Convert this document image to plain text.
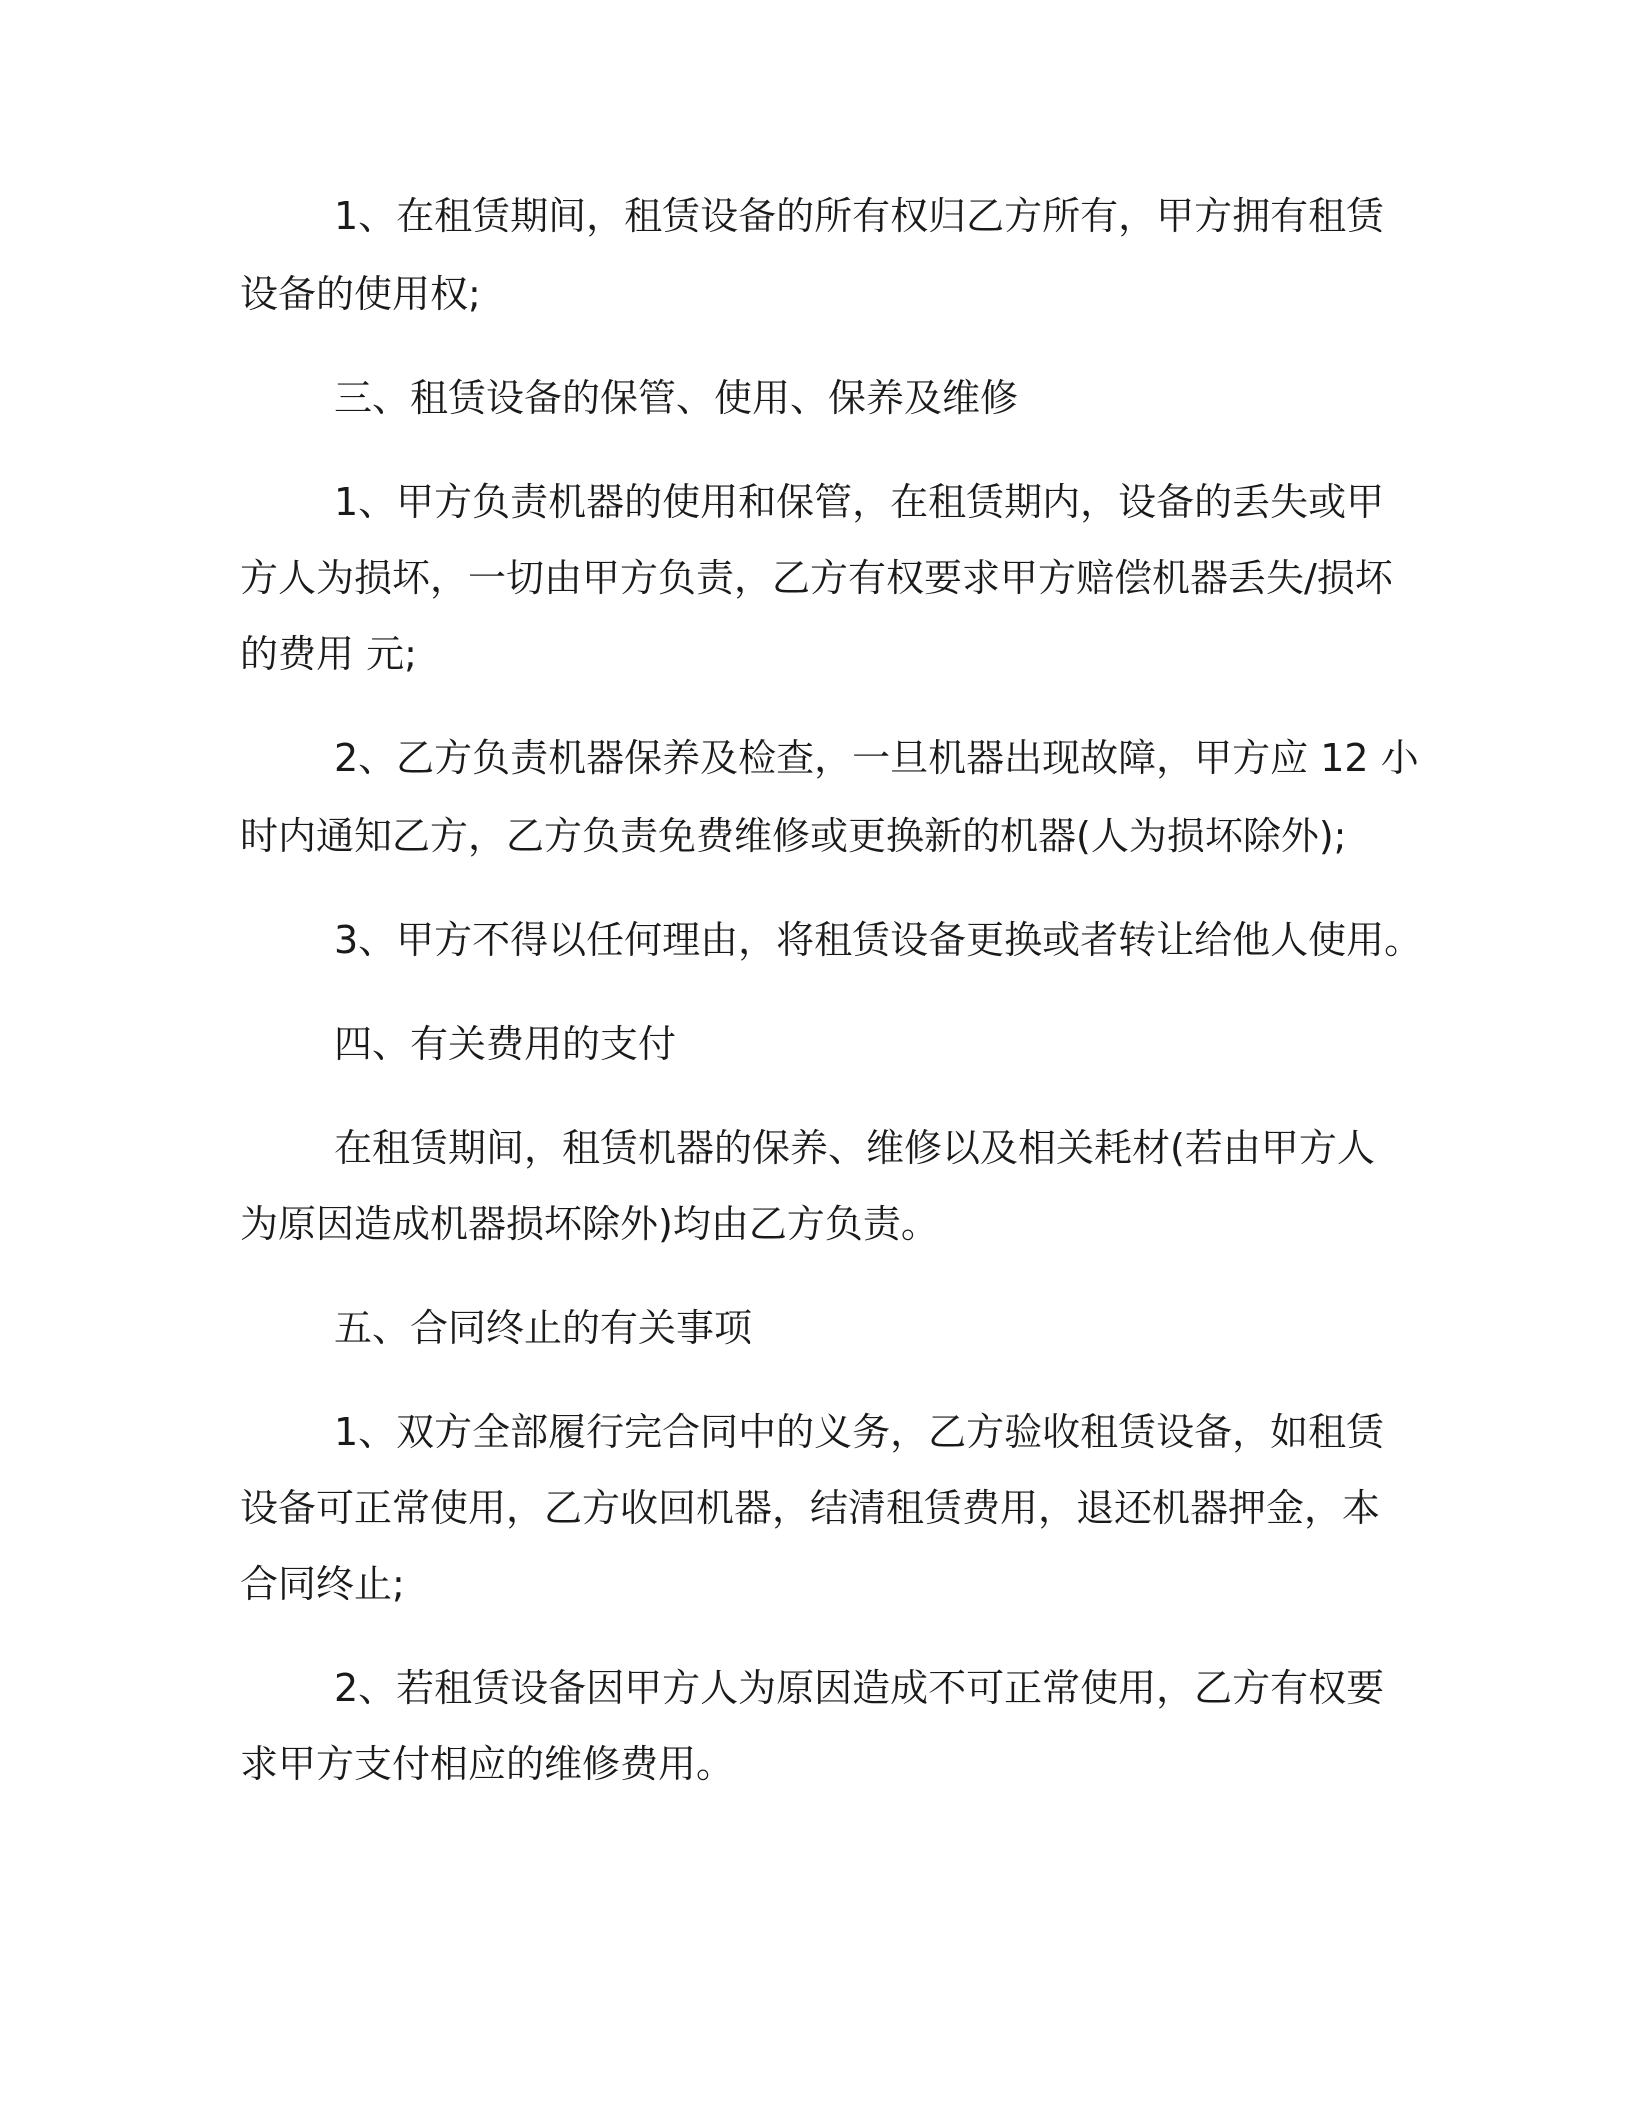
1、在租赁期间，租赁设备的所有权归乙方所有，甲方拥有租赁
设备的使用权;
三、租赁设备的保管、使用、保养及维修
1、甲方负责机器的使用和保管，在租赁期内，设备的丢失或甲
方人为损坏，一切由甲方负责，乙方有权要求甲方赔偿机器丢失/损坏
的费用 元;
2、乙方负责机器保养及检查，一旦机器出现故障，甲方应 12 小
时内通知乙方，乙方负责免费维修或更换新的机器(人为损坏除外);
3、甲方不得以任何理由，将租赁设备更换或者转让给他人使用。
四、有关费用的支付
在租赁期间，租赁机器的保养、维修以及相关耗材(若由甲方人
为原因造成机器损坏除外)均由乙方负责。
五、合同终止的有关事项
1、双方全部履行完合同中的义务，乙方验收租赁设备，如租赁
设备可正常使用，乙方收回机器，结清租赁费用，退还机器押金，本
合同终止;
2、若租赁设备因甲方人为原因造成不可正常使用，乙方有权要
求甲方支付相应的维修费用。
